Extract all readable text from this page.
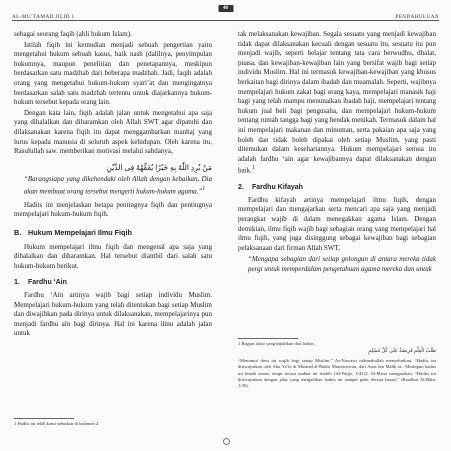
AL-MU’TAMAD JILID 1	PENDAHULUAN
48

sebagai seorang faqih (ahli hukum Islam).

Istilah fiqih ini kemudian menjadi sebuah pengertian yaitu mengetahui hukum sebuah kasus, baik nash (dalilnya, penyimpulan hukumnya, maupun penelitian dan penetapannya, meskipun berdasarkan satu madzhab dari beberapa madzhab. Jadi, faqih adalah orang yang mengetahui hukum-hukum syari’at dan mengingatnya berdasarkan salah satu madzhab tertentu untuk diajarkannya hukum-hukum tersebut kepada orang lain.

Dengan kata lain, fiqih adalah jalan untuk mengetahui apa saja yang dihalalkan dan diharamkan oleh Allah SWT agar dipatuhi dan dilaksanakan karena fiqih itu dapat menggambarkan manhaj yang lurus kepada manusia di seluruh aspek kehidupan. Oleh karena itu, Rasulullah saw. memberikan motivasi melalui sabdanya,

مَنْ يُرِدِ اللّٰهُ بِهِ خَيْرًا يُفَقِّهْهُ فِى الدِّيْنِ
“Barangsiapa yang dikehendaki oleh Allah dengan kebaikan, Dia akan membuat orang tersebut mengerti hukum-hukum agama.”$^1$

Hadits ini menjelaskan betapa pentingnya fiqih dan pentingnya mempelajari hukum-hukum fiqih.

B. Hukum Mempelajari Ilmu Fiqih

Hukum mempelajari ilmu fiqih dan mengenal apa saja yang dihalalkan dan diharamkan. Hal tersebut diambil dari salah satu hukum-hukum berikut.

1. Fardhu ‘Ain

Fardhu ‘Ain artinya wajib bagi setiap individu Muslim. Mempelajari hukum-hukum yang telah ditentukan bagi setiap Muslim dan diwajibkan pada dirinya untuk dilaksanakan, mempelajarinya pun menjadi fardhu ain bagi dirinya. Hal ini karena ilmu adalah jalan untuk

1 Hadits ini telah kami sebutkan di halaman 2.

tak melaksanakan kewajiban. Segala sesuatu yang menjadi kewajiban tidak dapat dilaksanakan kecuali dengan sesuatu itu, sesuatu itu pun menjadi wajib, seperti belajar tentang tata cara berwudhu, dhalat, puasa, dan kewajiban-kewajiban lain yang bersifat wajib bagi setiap individu Muslim. Hal ini termasuk kewajiban-kewajiban yang khusus berkaitan bagi dirinya dalam ibadah dan muamalah. Seperti, wajibnya mempelajari hukum zakat bagi orang kaya, mempelajari manasik haji bagi yang telah mampu menunaikan ibadah haji, mempelajari tentang hukum jual beli bagi pengusaha, dan mempelajari hukum-hukum tentang rumah tangga bagi yang hendak menikah. Termasuk dalam hal ini mempelajari makanan dan minuman, serta pakaian apa saja yang boleh dan tidak boleh dipakai oleh setiap Muslim, yang pasti ditemukan dalam kesehariannya. Hukum mempelajari semua itu adalah fardhu ‘ain agar kewajibannya dapat dilaksanakan dengan baik.$^1$

2. Fardhu Kifayah

Fardhu kifayah artinya mempelajari ilmu fiqih, dengan mempelajari dan mengajarkan serta mencari apa saja yang menjadi perangkat wajib di dalam menegakkan agama Islam. Dengan demikian, ilmu fiqih wajib bagi sebagian orang yang mempelajari hal ilmu fiqih, yang juga disinggung sebagai kewajiban bagi sebagian pelaksanaan dari firman Allah SWT,

“Mengapa sebagian dari setiap golongan di antara mereka tidak pergi untuk memperdalam pengetahuan agama mereka dan untuk
1 Bagian tafsir yang dijadikan dari hadits.
طَلَبُ الْعِلْمِ فَرِيضَةٌ عَلَى كُلِّ مُسْلِمٍ
“Menuntut ilmu itu wajib bagi setiap Muslim.” As-Nawawi rahimahullah menyebutkan, “Hadits ini diriwayatkan oleh Abu Ya’la di Musnad al-Badru Munawwiran, dari Anas bin Malik ra.. Meskipun hadits ini lemah status, tetapi secara makna ini shahih (Al-Wajiz, 1/412). Al-Mizzi mengatakan, “Hadits ini diriwayatkan dengan jalur yang menjadikan hadits ini sampai pada derajat hasan.” (Raudhut Al-Bahr, 1/45).
